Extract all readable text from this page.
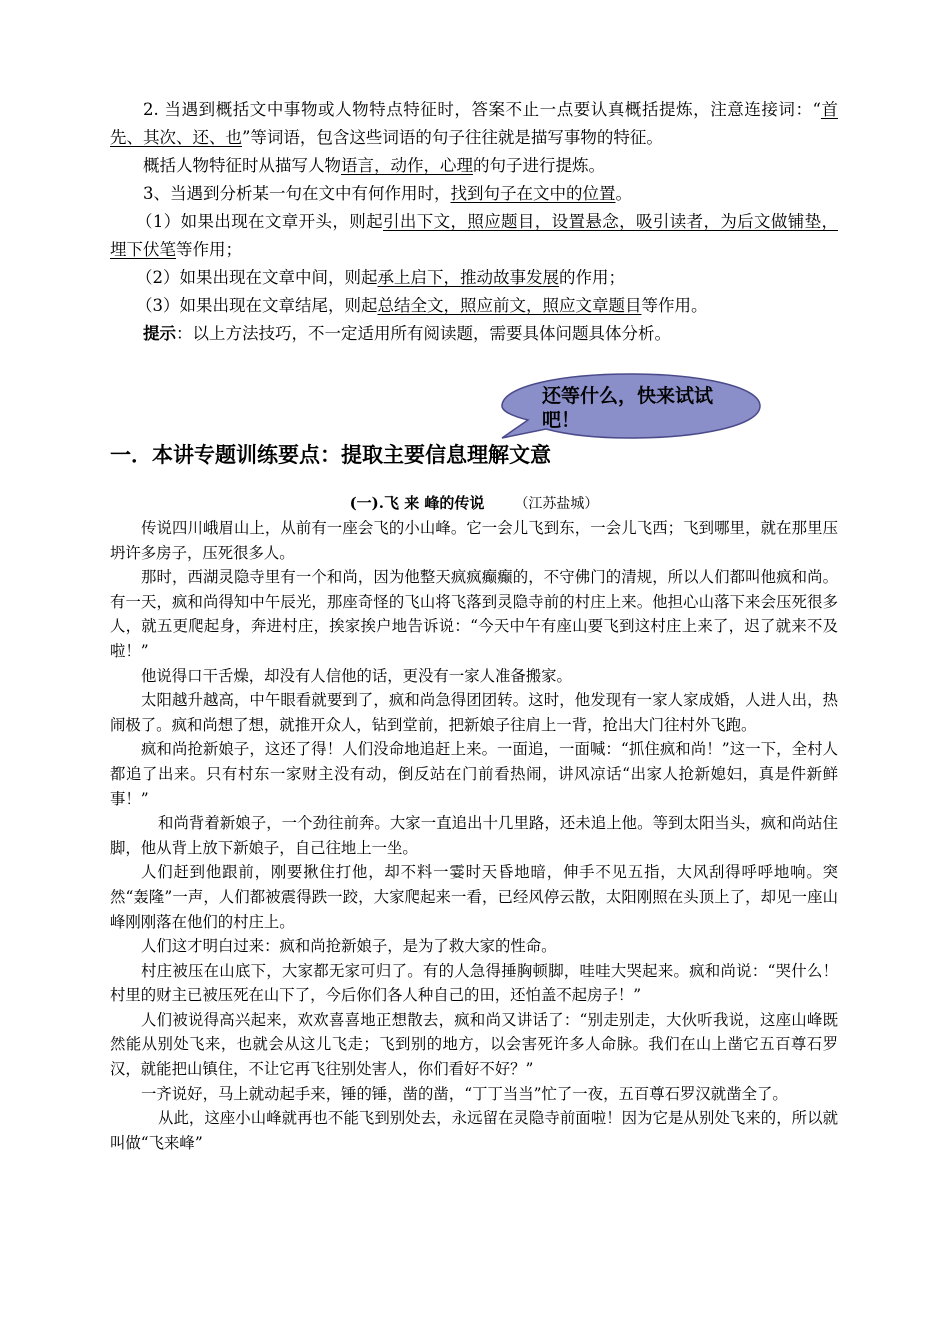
2. 当遇到概括文中事物或人物特点特征时，答案不止一点要认真概括提炼，注意连接词：“首先、其次、还、也”等词语，包含这些词语的句子往往就是描写事物的特征。

概括人物特征时从描写人物语言，动作，心理的句子进行提炼。

3、当遇到分析某一句在文中有何作用时，找到句子在文中的位置。

（1）如果出现在文章开头，则起引出下文，照应题目，设置悬念，吸引读者，为后文做铺垫，埋下伏笔等作用；

（2）如果出现在文章中间，则起承上启下，推动故事发展的作用；

（3）如果出现在文章结尾，则起总结全文，照应前文，照应文章题目等作用。

提示：以上方法技巧，不一定适用所有阅读题，需要具体问题具体分析。

还等什么，快来试试吧！
一．本讲专题训练要点：提取主要信息理解文意
(一).飞 来 峰的传说 （江苏盐城）

传说四川峨眉山上，从前有一座会飞的小山峰。它一会儿飞到东，一会儿飞西；飞到哪里，就在那里压坍许多房子，压死很多人。

那时，西湖灵隐寺里有一个和尚，因为他整天疯疯癫癫的，不守佛门的清规，所以人们都叫他疯和尚。有一天，疯和尚得知中午辰光，那座奇怪的飞山将飞落到灵隐寺前的村庄上来。他担心山落下来会压死很多人，就五更爬起身，奔进村庄，挨家挨户地告诉说：“今天中午有座山要飞到这村庄上来了，迟了就来不及啦！”

他说得口干舌燥，却没有人信他的话，更没有一家人准备搬家。

太阳越升越高，中午眼看就要到了，疯和尚急得团团转。这时，他发现有一家人家成婚，人进人出，热闹极了。疯和尚想了想，就推开众人，钻到堂前，把新娘子往肩上一背，抢出大门往村外飞跑。

疯和尚抢新娘子，这还了得！人们没命地追赶上来。一面追，一面喊：“抓住疯和尚！”这一下，全村人都追了出来。只有村东一家财主没有动，倒反站在门前看热闹，讲风凉话“出家人抢新媳妇，真是件新鲜事！”

和尚背着新娘子，一个劲往前奔。大家一直追出十几里路，还未追上他。等到太阳当头，疯和尚站住脚，他从背上放下新娘子，自己往地上一坐。

人们赶到他跟前，刚要揪住打他，却不料一霎时天昏地暗，伸手不见五指，大风刮得呼呼地响。突然“轰隆”一声，人们都被震得跌一跤，大家爬起来一看，已经风停云散，太阳刚照在头顶上了，却见一座山峰刚刚落在他们的村庄上。

人们这才明白过来：疯和尚抢新娘子，是为了救大家的性命。

村庄被压在山底下，大家都无家可归了。有的人急得捶胸顿脚，哇哇大哭起来。疯和尚说：“哭什么！村里的财主已被压死在山下了，今后你们各人种自己的田，还怕盖不起房子！”

人们被说得高兴起来，欢欢喜喜地正想散去，疯和尚又讲话了：“别走别走，大伙听我说，这座山峰既然能从别处飞来，也就会从这儿飞走；飞到别的地方，以会害死许多人命脉。我们在山上凿它五百尊石罗汉，就能把山镇住，不让它再飞往别处害人，你们看好不好？”

一齐说好，马上就动起手来，锤的锤，凿的凿，“丁丁当当”忙了一夜，五百尊石罗汉就凿全了。

从此，这座小山峰就再也不能飞到别处去，永远留在灵隐寺前面啦！因为它是从别处飞来的，所以就叫做“飞来峰”
